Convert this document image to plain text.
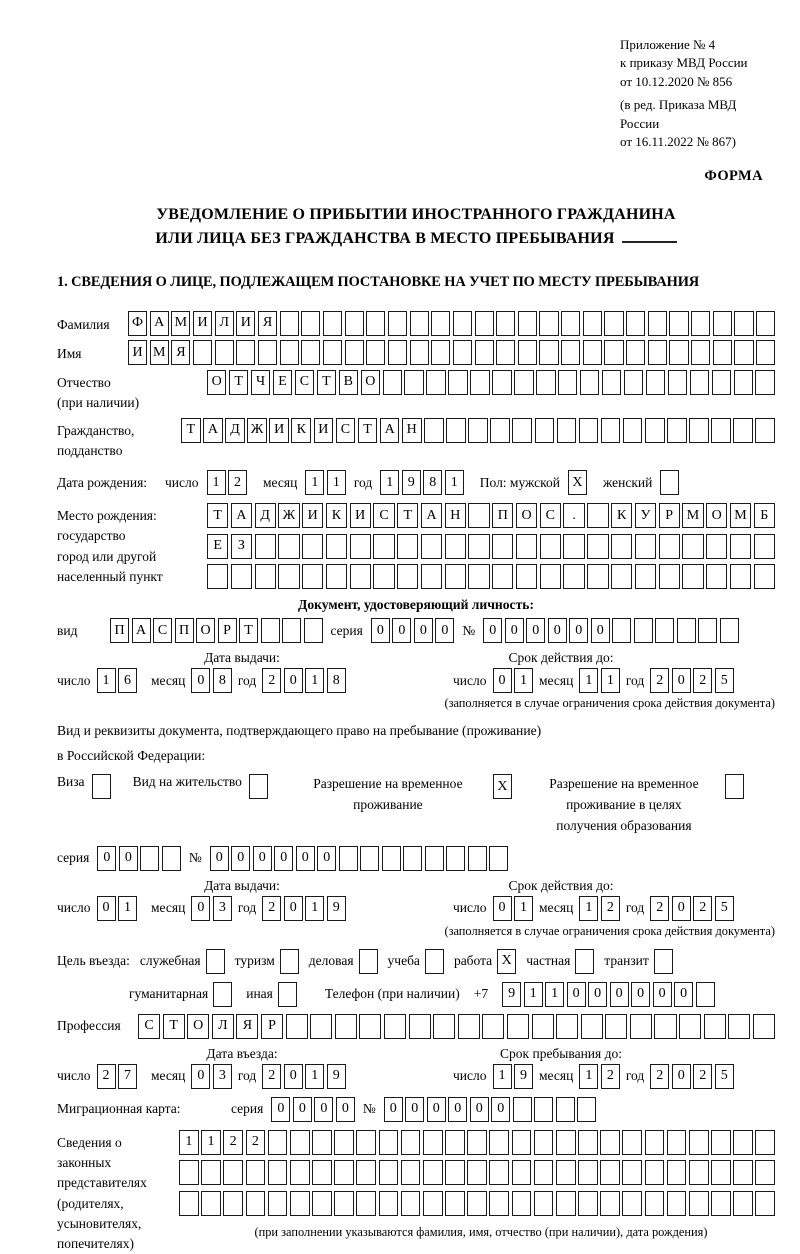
Приложение № 4
к приказу МВД России
от 10.12.2020 № 856
(в ред. Приказа МВД России
от 16.11.2022 № 867)
ФОРМА
УВЕДОМЛЕНИЕ О ПРИБЫТИИ ИНОСТРАННОГО ГРАЖДАНИНА
ИЛИ ЛИЦА БЕЗ ГРАЖДАНСТВА В МЕСТО ПРЕБЫВАНИЯ
1. СВЕДЕНИЯ О ЛИЦЕ, ПОДЛЕЖАЩЕМ ПОСТАНОВКЕ НА УЧЕТ ПО МЕСТУ ПРЕБЫВАНИЯ
Фамилия	Ф А М И Л И Я
Имя	И М Я
Отчество
(при наличии)
О Т Ч Е С Т В О
Гражданство,
подданство
Т А Д Ж И К И С Т А Н
Дата рождения:	число	1	2	месяц	1	1	год	1	9	8	1	Пол: мужской X	женский
Место рождения:
государство
город или другой
населенный пункт
Т	А Д Ж И	К	И	С	Т	А Н	П О	С	.	К	У	Р М О М Б
Е	З
Документ, удостоверяющий личность:
вид	П А С П О Р Т	серия	0	0	0	0	№	0	0	0	0	0	0
Дата выдачи:	Срок действия до:
число 1	6	месяц 0	8 год 2	0	1	8	число 0	1 месяц 1	1 год 2	0	2	5
(заполняется в случае ограничения срока действия документа)
Вид и реквизиты документа, подтверждающего право на пребывание (проживание)
в Российской Федерации:
Виза	Вид на жительство	Разрешение на временное
проживание
X	Разрешение на временное
проживание в целях
получения образования
серия	0	0	№	0	0	0	0	0	0
Дата выдачи:	Срок действия до:
число 0	1	месяц 0	3 год 2	0	1	9	число 0	1 месяц 1	2 год 2	0	2	5
(заполняется в случае ограничения срока действия документа)
Цель въезда: служебная	туризм	деловая	учеба	работа X	частная	транзит
гуманитарная	иная	Телефон (при наличии) +7	9	1	1	0	0	0	0	0	0
Профессия	С	Т	О	Л	Я	Р
Дата въезда:	Срок пребывания до:
число 2	7	месяц 0	3 год 2	0	1	9	число 1	9 месяц 1	2 год 2	0	2	5
Миграционная карта:	серия	0	0	0	0	№	0	0	0	0	0	0
Сведения о
законных
представителях
(родителях,
усыновителях,
попечителях)
1	1	2	2
(при заполнении указываются фамилия, имя, отчество (при наличии), дата рождения)
